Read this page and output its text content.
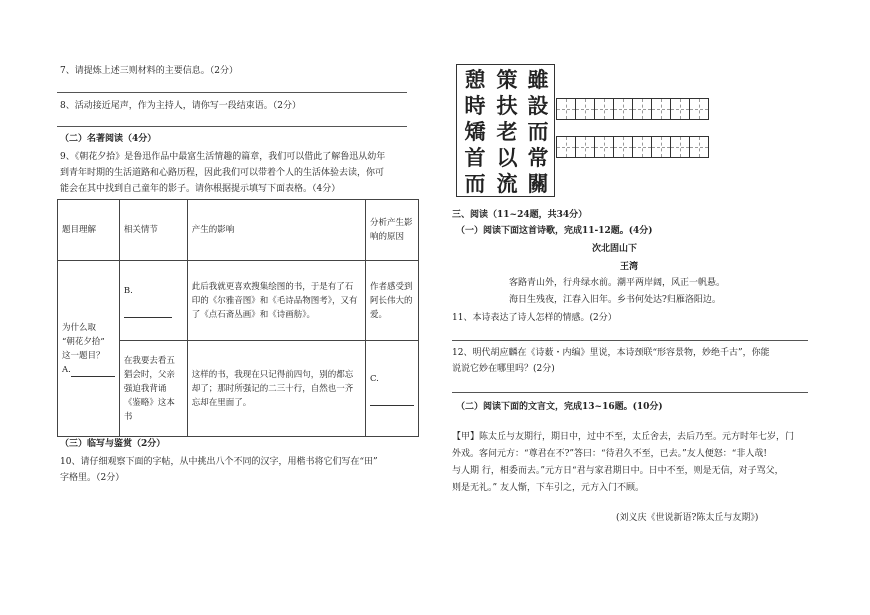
7、请提炼上述三则材料的主要信息。（2分）
8、活动接近尾声，作为主持人，请你写一段结束语。（2分）
（二）名著阅读（4分）
9、《朝花夕拾》是鲁迅作品中最富生活情趣的篇章，我们可以借此了解鲁迅从幼年
到青年时期的生活道路和心路历程，因此我们可以带着个人的生活体验去读，你可
能会在其中找到自己童年的影子。请你根据提示填写下面表格。（4分）
题目理解	相关情节	产生的影响	分析产生影响的原因

为什么取
“朝花夕拾”
这一题目？
A.	B.	此后我就更喜欢搜集绘图的书，于是有了石印的《尔雅音图》和《毛诗品物图考》，又有了《点石斋丛画》和《诗画舫》。	作者感受到阿长伟大的爱。
	在我要去看五猖会时，父亲强迫我背诵《鉴略》这本书	这样的书，我现在只记得前四句，别的都忘却了；那时所强记的二三十行，自然也一齐忘却在里面了。	C.
（三）临写与鉴赏（2分）
10、请仔细观察下面的字帖，从中挑出八个不同的汉字，用楷书将它们写在“田”
字格里。（2分）
雖
設
而
常
關
策
扶
老
以
流
憩
時
矯
首
而
三、阅读（11~24题，共34分）
（一）阅读下面这首诗歌，完成11-12题。(4分)
次北固山下
王湾
客路青山外，行舟绿水前。潮平两岸阔，风正一帆悬。
海日生残夜，江春入旧年。乡书何处达?归雁洛阳边。
11、本诗表达了诗人怎样的情感。(2分）
12、明代胡应麟在《诗薮・内编》里说，本诗颈联“形容景物，妙绝千古”，你能
说说它妙在哪里吗？(2分)
（二）阅读下面的文言文，完成13~16题。(10分)
【甲】陈太丘与友期行，期日中，过中不至，太丘舍去，去后乃至。元方时年七岁，门
外戏。客问元方：“尊君在不?”答曰：“待君久不至，已去。”友人便怒：“非人哉!
与人期 行，相委而去。”元方日“君与家君期日中。日中不至，则是无信，对子骂父，
则是无礼。” 友人惭，下车引之，元方入门不顾。
(刘义庆《世说新语?陈太丘与友期》)
